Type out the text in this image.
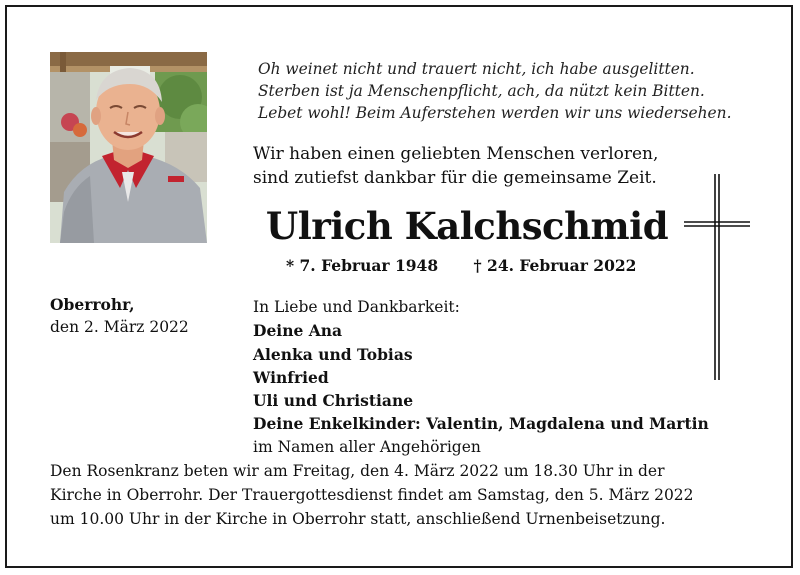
Oh weinet nicht und trauert nicht, ich habe ausgelitten.
Sterben ist ja Menschenpflicht, ach, da nützt kein Bitten.
Lebet wohl! Beim Auferstehen werden wir uns wiedersehen.
Wir haben einen geliebten Menschen verloren,
sind zutiefst dankbar für die gemeinsame Zeit.
Ulrich Kalchschmid
* 7. Februar 1948 † 24. Februar 2022
Oberrohr,
den 2. März 2022
In Liebe und Dankbarkeit:
Deine Ana
Alenka und Tobias
Winfried
Uli und Christiane
Deine Enkelkinder: Valentin, Magdalena und Martin
im Namen aller Angehörigen
Den Rosenkranz beten wir am Freitag, den 4. März 2022 um 18.30 Uhr in der
Kirche in Oberrohr. Der Trauergottesdienst findet am Samstag, den 5. März 2022
um 10.00 Uhr in der Kirche in Oberrohr statt, anschließend Urnenbeisetzung.
